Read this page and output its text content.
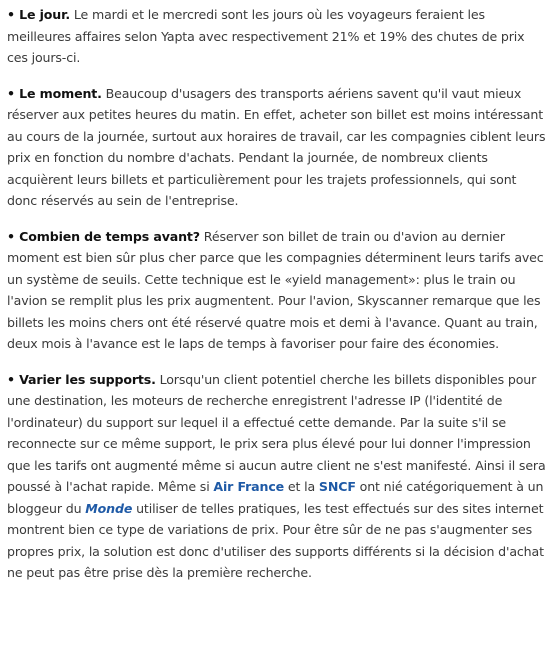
• Le jour. Le mardi et le mercredi sont les jours où les voyageurs feraient les meilleures affaires selon Yapta avec respectivement 21% et 19% des chutes de prix ces jours-ci.

• Le moment. Beaucoup d'usagers des transports aériens savent qu'il vaut mieux réserver aux petites heures du matin. En effet, acheter son billet est moins intéressant au cours de la journée, surtout aux horaires de travail, car les compagnies ciblent leurs prix en fonction du nombre d'achats. Pendant la journée, de nombreux clients acquièrent leurs billets et particulièrement pour les trajets professionnels, qui sont donc réservés au sein de l'entreprise.

• Combien de temps avant? Réserver son billet de train ou d'avion au dernier moment est bien sûr plus cher parce que les compagnies déterminent leurs tarifs avec un système de seuils. Cette technique est le «yield management»: plus le train ou l'avion se remplit plus les prix augmentent. Pour l'avion, Skyscanner remarque que les billets les moins chers ont été réservé quatre mois et demi à l'avance. Quant au train, deux mois à l'avance est le laps de temps à favoriser pour faire des économies.

• Varier les supports. Lorsqu'un client potentiel cherche les billets disponibles pour une destination, les moteurs de recherche enregistrent l'adresse IP (l'identité de l'ordinateur) du support sur lequel il a effectué cette demande. Par la suite s'il se reconnecte sur ce même support, le prix sera plus élevé pour lui donner l'impression que les tarifs ont augmenté même si aucun autre client ne s'est manifesté. Ainsi il sera poussé à l'achat rapide. Même si Air France et la SNCF ont nié catégoriquement à un bloggeur du Monde utiliser de telles pratiques, les test effectués sur des sites internet montrent bien ce type de variations de prix. Pour être sûr de ne pas s'augmenter ses propres prix, la solution est donc d'utiliser des supports différents si la décision d'achat ne peut pas être prise dès la première recherche.
